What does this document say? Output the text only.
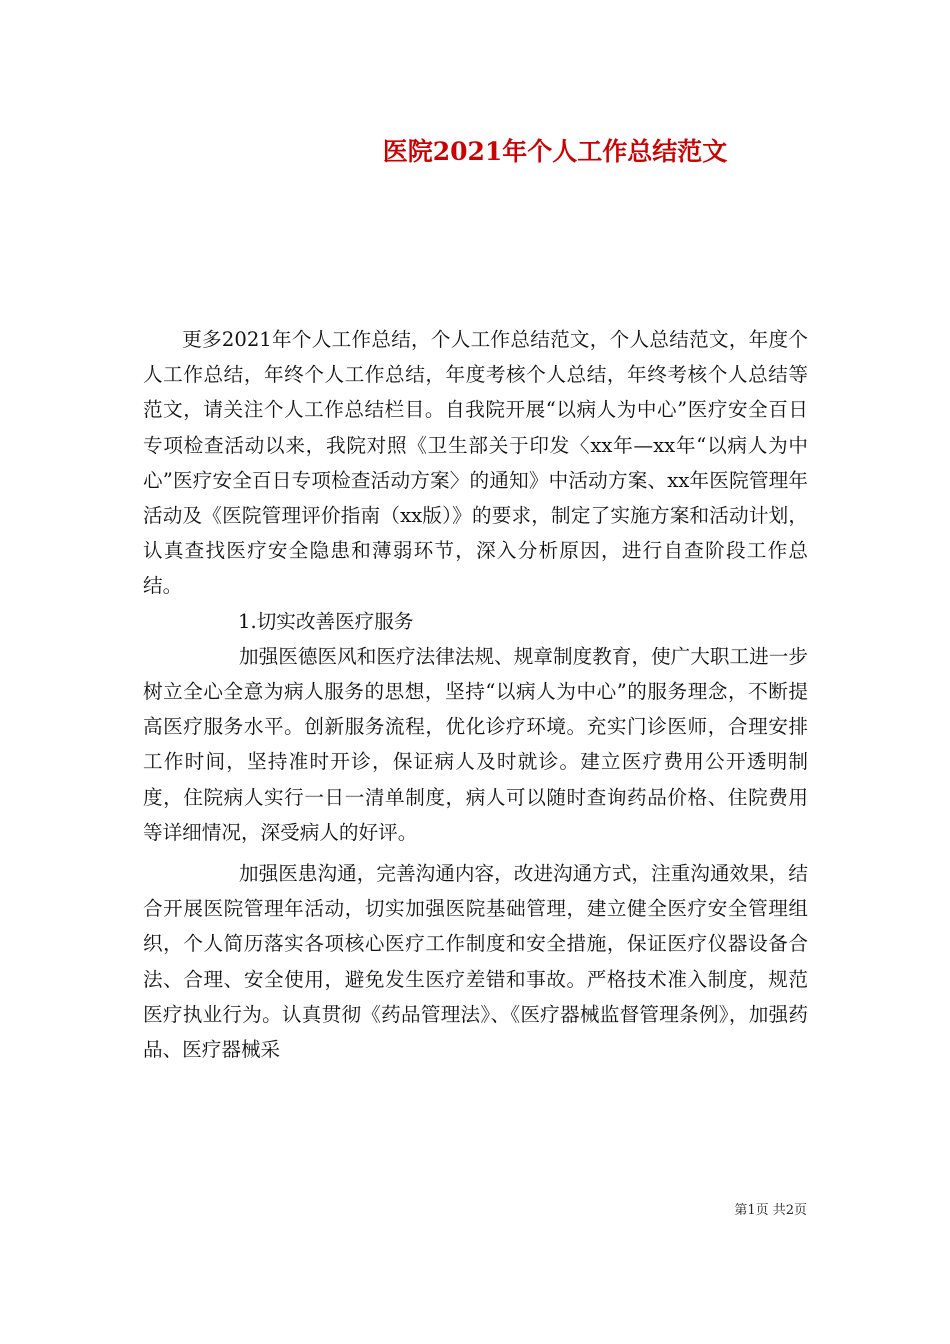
医院2021年个人工作总结范文

更多2021年个人工作总结，个人工作总结范文，个人总结范文，年度个人工作总结，年终个人工作总结，年度考核个人总结，年终考核个人总结等范文，请关注个人工作总结栏目。自我院开展“以病人为中心”医疗安全百日专项检查活动以来，我院对照《卫生部关于印发〈xx年—xx年“以病人为中心”医疗安全百日专项检查活动方案〉的通知》中活动方案、xx年医院管理年活动及《医院管理评价指南（xx版）》的要求，制定了实施方案和活动计划，认真查找医疗安全隐患和薄弱环节，深入分析原因，进行自查阶段工作总结。

1.切实改善医疗服务

加强医德医风和医疗法律法规、规章制度教育，使广大职工进一步树立全心全意为病人服务的思想，坚持“以病人为中心”的服务理念，不断提高医疗服务水平。创新服务流程，优化诊疗环境。充实门诊医师，合理安排工作时间，坚持准时开诊，保证病人及时就诊。建立医疗费用公开透明制度，住院病人实行一日一清单制度，病人可以随时查询药品价格、住院费用等详细情况，深受病人的好评。

加强医患沟通，完善沟通内容，改进沟通方式，注重沟通效果，结合开展医院管理年活动，切实加强医院基础管理，建立健全医疗安全管理组织，个人简历落实各项核心医疗工作制度和安全措施，保证医疗仪器设备合法、合理、安全使用，避免发生医疗差错和事故。严格技术准入制度，规范医疗执业行为。认真贯彻《药品管理法》、《医疗器械监督管理条例》，加强药品、医疗器械采

第1页 共2页
